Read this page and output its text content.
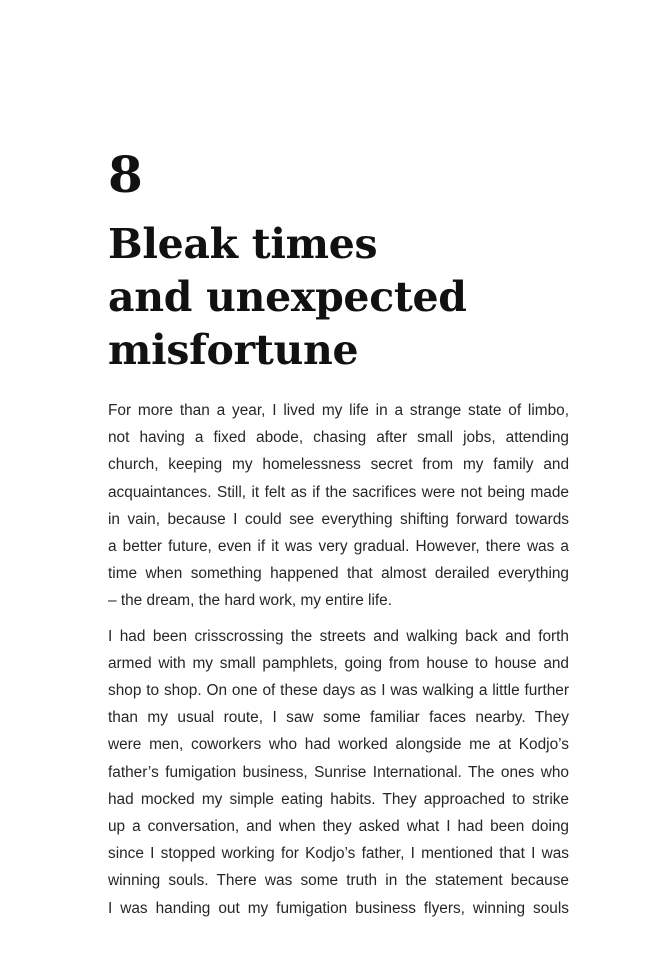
8
Bleak times
and unexpected
misfortune

For more than a year, I lived my life in a strange state of limbo,

not having a fixed abode, chasing after small jobs, attending

church, keeping my homelessness secret from my family and

acquaintances. Still, it felt as if the sacrifices were not being made

in vain, because I could see everything shifting forward towards

a better future, even if it was very gradual. However, there was a

time when something happened that almost derailed everything

– the dream, the hard work, my entire life.

I had been crisscrossing the streets and walking back and forth

armed with my small pamphlets, going from house to house and

shop to shop. On one of these days as I was walking a little further

than my usual route, I saw some familiar faces nearby. They

were men, coworkers who had worked alongside me at Kodjo’s

father’s fumigation business, Sunrise International. The ones who

had mocked my simple eating habits. They approached to strike

up a conversation, and when they asked what I had been doing

since I stopped working for Kodjo’s father, I mentioned that I was

winning souls. There was some truth in the statement because

I was handing out my fumigation business flyers, winning souls
